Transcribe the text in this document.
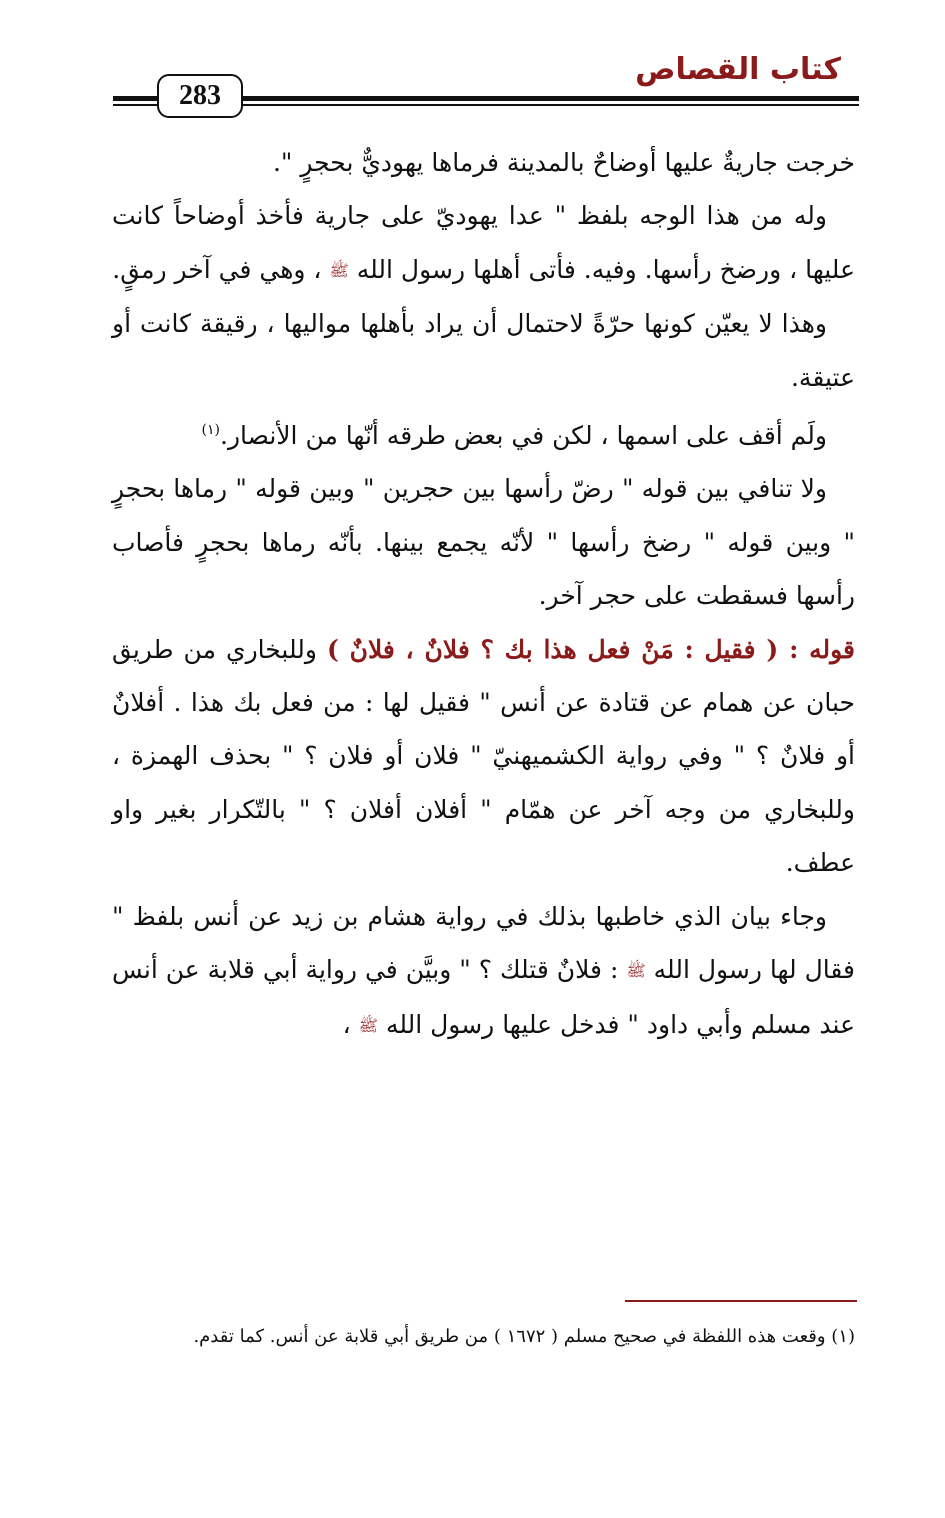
كتاب القصاص
283

خرجت جاريةٌ عليها أوضاحٌ بالمدينة فرماها يهوديٌّ بحجرٍ ".

وله من هذا الوجه بلفظ " عدا يهوديّ على جارية فأخذ أوضاحاً كانت عليها ، ورضخ رأسها. وفيه. فأتى أهلها رسول الله ﷺ ، وهي في آخر رمقٍ.

وهذا لا يعيّن كونها حرّةً لاحتمال أن يراد بأهلها مواليها ، رقيقة كانت أو عتيقة.

ولَم أقف على اسمها ، لكن في بعض طرقه أنّها من الأنصار.$^{(١)}$

ولا تنافي بين قوله " رضّ رأسها بين حجرين " وبين قوله " رماها بحجرٍ " وبين قوله " رضخ رأسها " لأنّه يجمع بينها. بأنّه رماها بحجرٍ فأصاب رأسها فسقطت على حجر آخر.

قوله : ( فقيل : مَنْ فعل هذا بك ؟ فلانٌ ، فلانٌ ) وللبخاري من طريق حبان عن همام عن قتادة عن أنس " فقيل لها : من فعل بك هذا . أفلانٌ أو فلانٌ ؟ " وفي رواية الكشميهنيّ " فلان أو فلان ؟ " بحذف الهمزة ، وللبخاري من وجه آخر عن همّام " أفلان أفلان ؟ " بالتّكرار بغير واو عطف.

وجاء بيان الذي خاطبها بذلك في رواية هشام بن زيد عن أنس بلفظ " فقال لها رسول الله ﷺ : فلانٌ قتلك ؟ " وبيَّن في رواية أبي قلابة عن أنس عند مسلم وأبي داود " فدخل عليها رسول الله ﷺ ،

(١) وقعت هذه اللفظة في صحيح مسلم ( ١٦٧٢ ) من طريق أبي قلابة عن أنس. كما تقدم.
